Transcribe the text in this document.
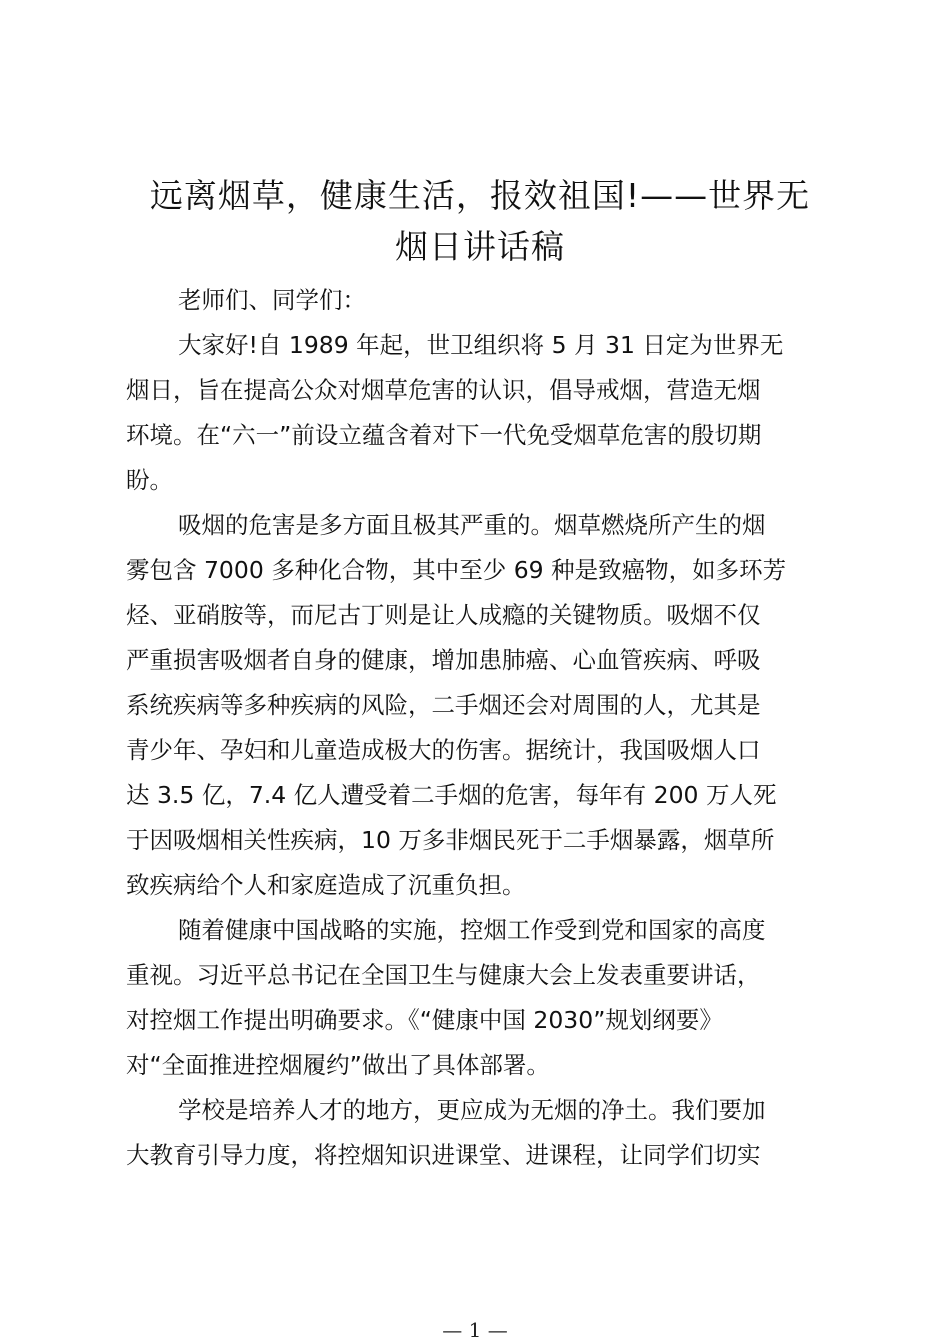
远离烟草，健康生活，报效祖国!——世界无
烟日讲话稿
老师们、同学们：
大家好!自 1989 年起，世卫组织将 5 月 31 日定为世界无
烟日，旨在提高公众对烟草危害的认识，倡导戒烟，营造无烟
环境。在“六一”前设立蕴含着对下一代免受烟草危害的殷切期
盼。
吸烟的危害是多方面且极其严重的。烟草燃烧所产生的烟
雾包含 7000 多种化合物，其中至少 69 种是致癌物，如多环芳
烃、亚硝胺等，而尼古丁则是让人成瘾的关键物质。吸烟不仅
严重损害吸烟者自身的健康，增加患肺癌、心血管疾病、呼吸
系统疾病等多种疾病的风险，二手烟还会对周围的人，尤其是
青少年、孕妇和儿童造成极大的伤害。据统计，我国吸烟人口
达 3.5 亿，7.4 亿人遭受着二手烟的危害，每年有 200 万人死
于因吸烟相关性疾病，10 万多非烟民死于二手烟暴露，烟草所
致疾病给个人和家庭造成了沉重负担。
随着健康中国战略的实施，控烟工作受到党和国家的高度
重视。习近平总书记在全国卫生与健康大会上发表重要讲话，
对控烟工作提出明确要求。《“健康中国 2030”规划纲要》
对“全面推进控烟履约”做出了具体部署。
学校是培养人才的地方，更应成为无烟的净土。我们要加
大教育引导力度，将控烟知识进课堂、进课程，让同学们切实
— 1 —
